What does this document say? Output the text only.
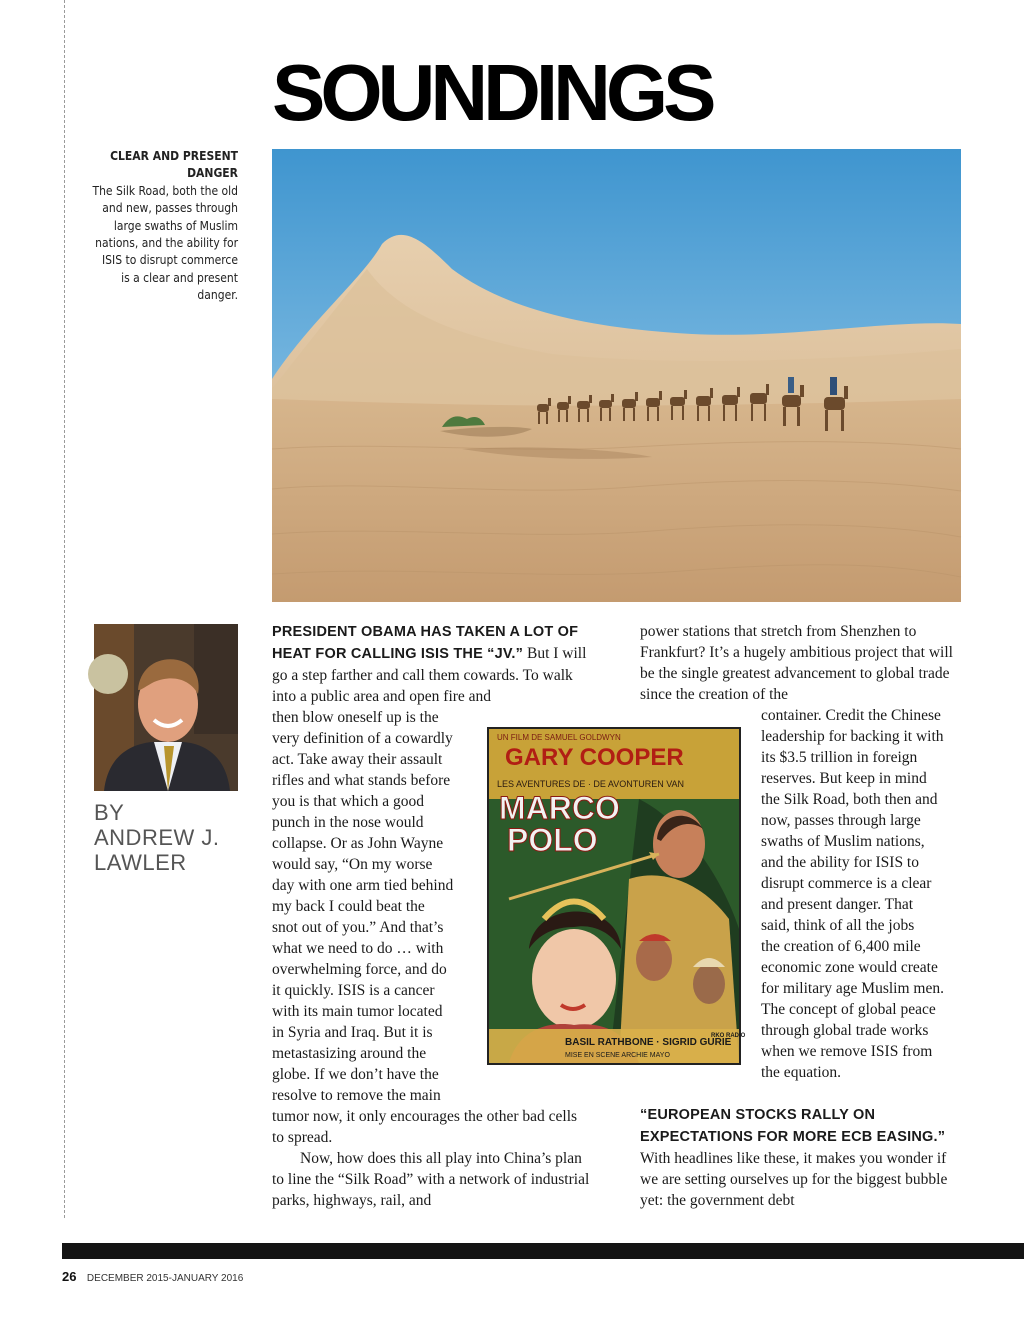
SOUNDINGS
CLEAR AND PRESENT DANGER
The Silk Road, both the old and new, passes through large swaths of Muslim nations, and the ability for ISIS to disrupt commerce is a clear and present danger.
BY
ANDREW J.
LAWLER

PRESIDENT OBAMA HAS TAKEN A LOT OF HEAT FOR CALLING ISIS THE “JV.” But I will go a step farther and call them cowards. To walk into a public area and open fire and

then blow oneself up is the
very definition of a cowardly
act. Take away their assault
rifles and what stands before
you is that which a good
punch in the nose would
collapse. Or as John Wayne
would say, “On my worse
day with one arm tied behind
my back I could beat the
snot out of you.” And that’s
what we need to do … with
overwhelming force, and do
it quickly. ISIS is a cancer
with its main tumor located
in Syria and Iraq. But it is
metastasizing around the
globe. If we don’t have the
resolve to remove the main

tumor now, it only encourages the other bad cells to spread.

Now, how does this all play into China’s plan to line the “Silk Road” with a network of industrial parks, highways, rail, and

power stations that stretch from Shenzhen to Frankfurt? It’s a hugely ambitious project that will be the single greatest advancement to global trade since the creation of the

container. Credit the Chinese
leadership for backing it with
its $3.5 trillion in foreign
reserves. But keep in mind
the Silk Road, both then and
now, passes through large
swaths of Muslim nations,
and the ability for ISIS to
disrupt commerce is a clear
and present danger. That
said, think of all the jobs
the creation of 6,400 mile
economic zone would create
for military age Muslim men.
The concept of global peace
through global trade works
when we remove ISIS from
the equation.

“EUROPEAN STOCKS RALLY ON EXPECTATIONS FOR MORE ECB EASING.” With headlines like these, it makes you wonder if we are setting ourselves up for the biggest bubble yet: the government debt

UN FILM DE SAMUEL GOLDWYN
GARY COOPER
LES AVENTURES DE · DE AVONTUREN VAN
MARCO
POLO
BASIL RATHBONE · SIGRID GURIE
MISE EN SCENE ARCHIE MAYO
RKO RADIO
26 DECEMBER 2015-JANUARY 2016
